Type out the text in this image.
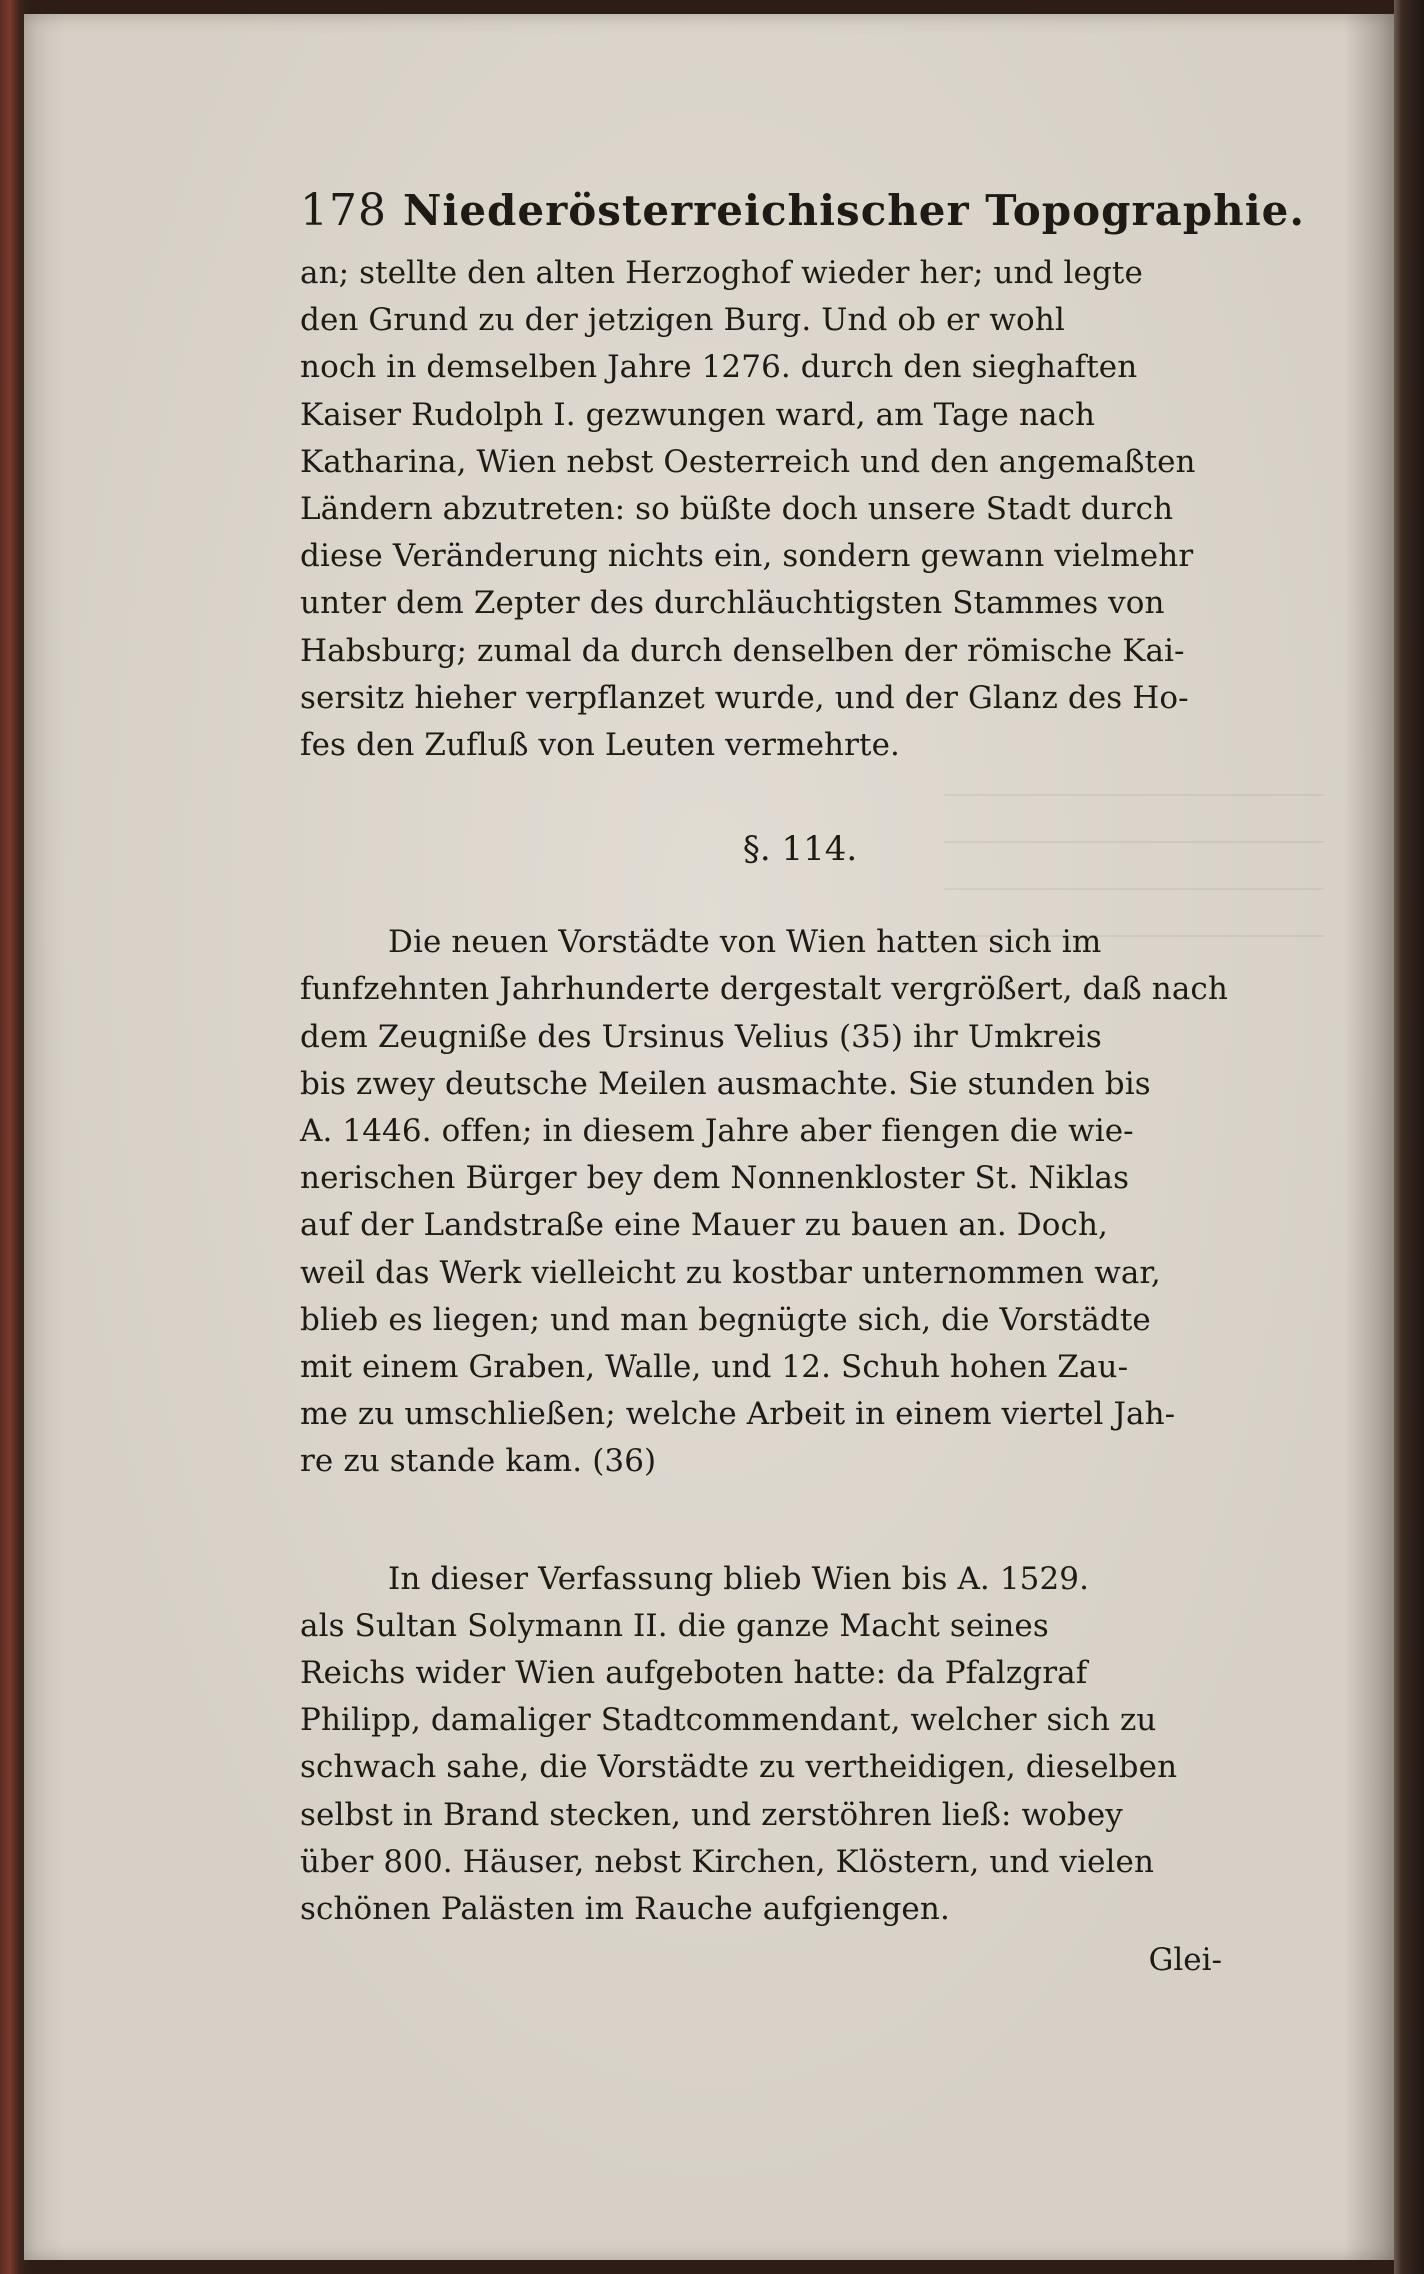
178 Niederösterreichischer Topographie.
an; stellte den alten Herzoghof wieder her; und legte
den Grund zu der jetzigen Burg. Und ob er wohl
noch in demselben Jahre 1276. durch den sieghaften
Kaiser Rudolph I. gezwungen ward, am Tage nach
Katharina, Wien nebst Oesterreich und den angemaßten
Ländern abzutreten: so büßte doch unsere Stadt durch
diese Veränderung nichts ein, sondern gewann vielmehr
unter dem Zepter des durchläuchtigsten Stammes von
Habsburg; zumal da durch denselben der römische Kai-
sersitz hieher verpflanzet wurde, und der Glanz des Ho-
fes den Zufluß von Leuten vermehrte.
§. 114.
Die neuen Vorstädte von Wien hatten sich im
funfzehnten Jahrhunderte dergestalt vergrößert, daß nach
dem Zeugniße des Ursinus Velius (35) ihr Umkreis
bis zwey deutsche Meilen ausmachte. Sie stunden bis
A. 1446. offen; in diesem Jahre aber fiengen die wie-
nerischen Bürger bey dem Nonnenkloster St. Niklas
auf der Landstraße eine Mauer zu bauen an. Doch,
weil das Werk vielleicht zu kostbar unternommen war,
blieb es liegen; und man begnügte sich, die Vorstädte
mit einem Graben, Walle, und 12. Schuh hohen Zau-
me zu umschließen; welche Arbeit in einem viertel Jah-
re zu stande kam. (36)
In dieser Verfassung blieb Wien bis A. 1529.
als Sultan Solymann II. die ganze Macht seines
Reichs wider Wien aufgeboten hatte: da Pfalzgraf
Philipp, damaliger Stadtcommendant, welcher sich zu
schwach sahe, die Vorstädte zu vertheidigen, dieselben
selbst in Brand stecken, und zerstöhren ließ: wobey
über 800. Häuser, nebst Kirchen, Klöstern, und vielen
schönen Palästen im Rauche aufgiengen.
Glei-
